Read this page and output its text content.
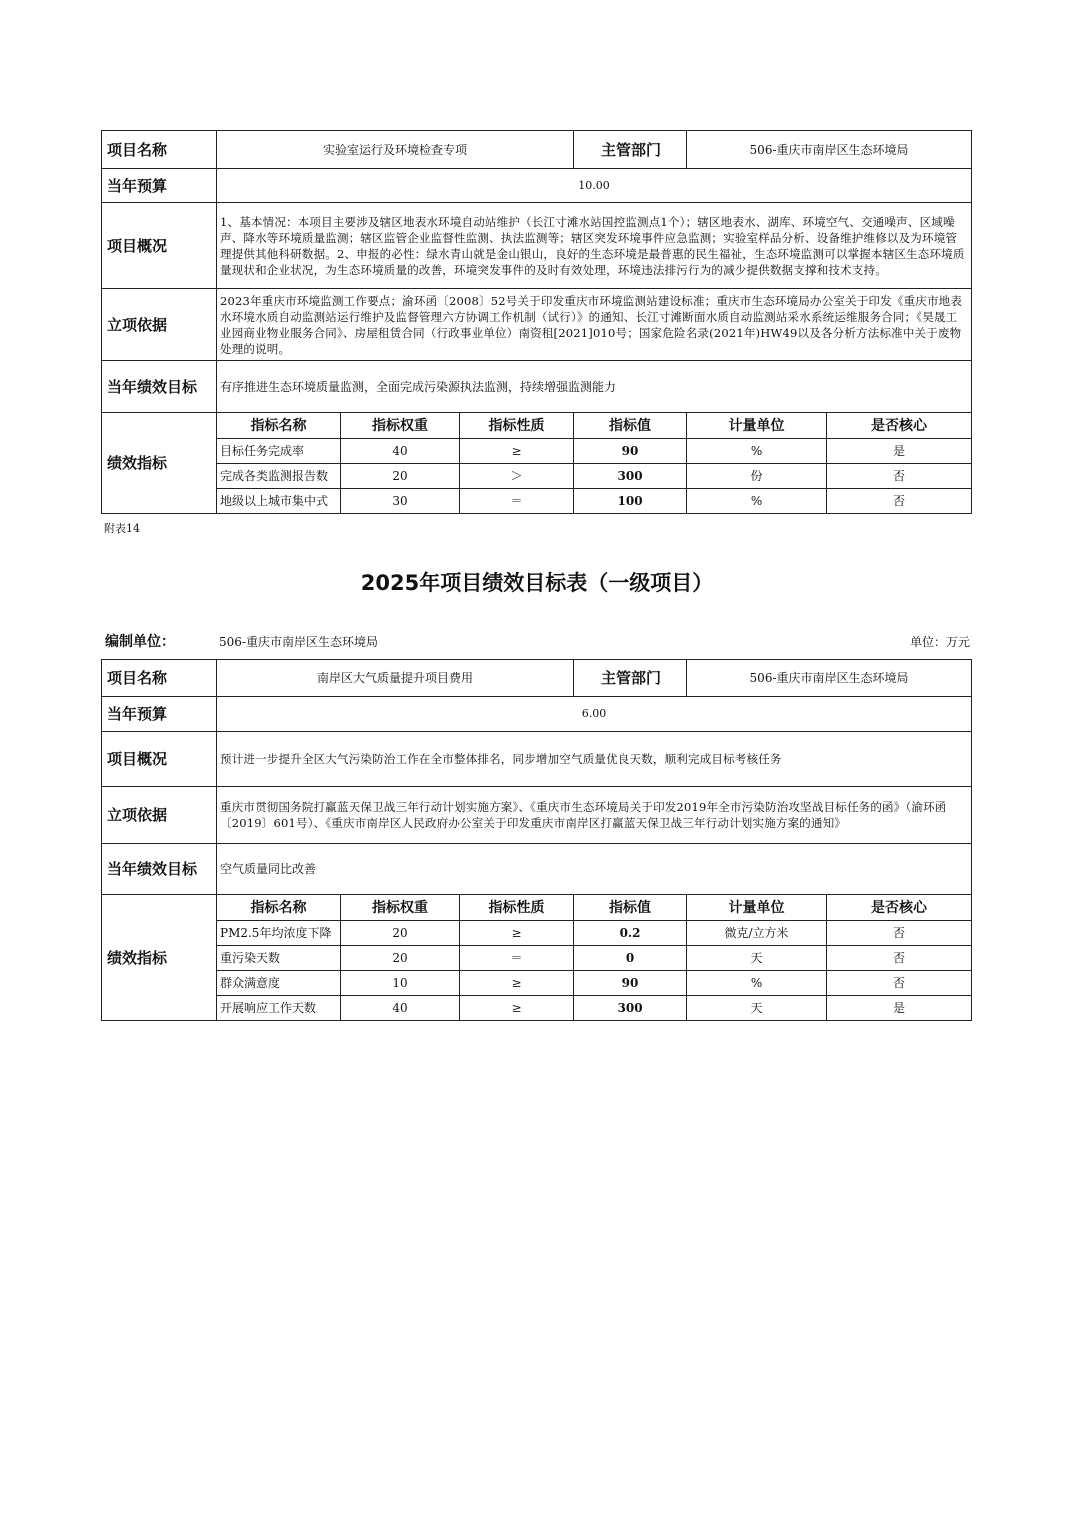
项目名称	实验室运行及环境检查专项			主管部门	506-重庆市南岸区生态环境局	
当年预算	10.00					
项目概况	1、基本情况：本项目主要涉及辖区地表水环境自动站维护（长江寸滩水站国控监测点1个）；辖区地表水、湖库、环境空气、交通噪声、区域噪声、降水等环境质量监测；辖区监管企业监督性监测、执法监测等；辖区突发环境事件应急监测；实验室样品分析、设备维护维修以及为环境管理提供其他科研数据。2、申报的必性：绿水青山就是金山银山，良好的生态环境是最普惠的民生福祉，生态环境监测可以掌握本辖区生态环境质量现状和企业状况，为生态环境质量的改善，环境突发事件的及时有效处理，环境违法排污行为的减少提供数据支撑和技术支持。					
立项依据	2023年重庆市环境监测工作要点；渝环函〔2008〕52号关于印发重庆市环境监测站建设标准；重庆市生态环境局办公室关于印发《重庆市地表水环境水质自动监测站运行维护及监督管理六方协调工作机制（试行）》的通知、长江寸滩断面水质自动监测站采水系统运维服务合同；《昊晟工业园商业物业服务合同》、房屋租赁合同（行政事业单位）南资租[2021]010号；国家危险名录(2021年)HW49以及各分析方法标准中关于废物处理的说明。					
当年绩效目标	有序推进生态环境质量监测，全面完成污染源执法监测，持续增强监测能力					
绩效指标	指标名称	指标权重	指标性质	指标值	计量单位	是否核心
	目标任务完成率	40	≥	90	%	是
	完成各类监测报告数	20	＞	300	份	否
	地级以上城市集中式	30	＝	100	%	否
附表14
2025年项目绩效目标表（一级项目）
编制单位：	506-重庆市南岸区生态环境局	单位：万元
项目名称	南岸区大气质量提升项目费用			主管部门	506-重庆市南岸区生态环境局	
当年预算	6.00					
项目概况	预计进一步提升全区大气污染防治工作在全市整体排名，同步增加空气质量优良天数，顺利完成目标考核任务					
立项依据	重庆市贯彻国务院打赢蓝天保卫战三年行动计划实施方案》、《重庆市生态环境局关于印发2019年全市污染防治攻坚战目标任务的函》（渝环函〔2019〕601号）、《重庆市南岸区人民政府办公室关于印发重庆市南岸区打赢蓝天保卫战三年行动计划实施方案的通知》					
当年绩效目标	空气质量同比改善					
绩效指标	指标名称	指标权重	指标性质	指标值	计量单位	是否核心
	PM2.5年均浓度下降	20	≥	0.2	微克/立方米	否
	重污染天数	20	＝	0	天	否
	群众满意度	10	≥	90	%	否
	开展响应工作天数	40	≥	300	天	是
